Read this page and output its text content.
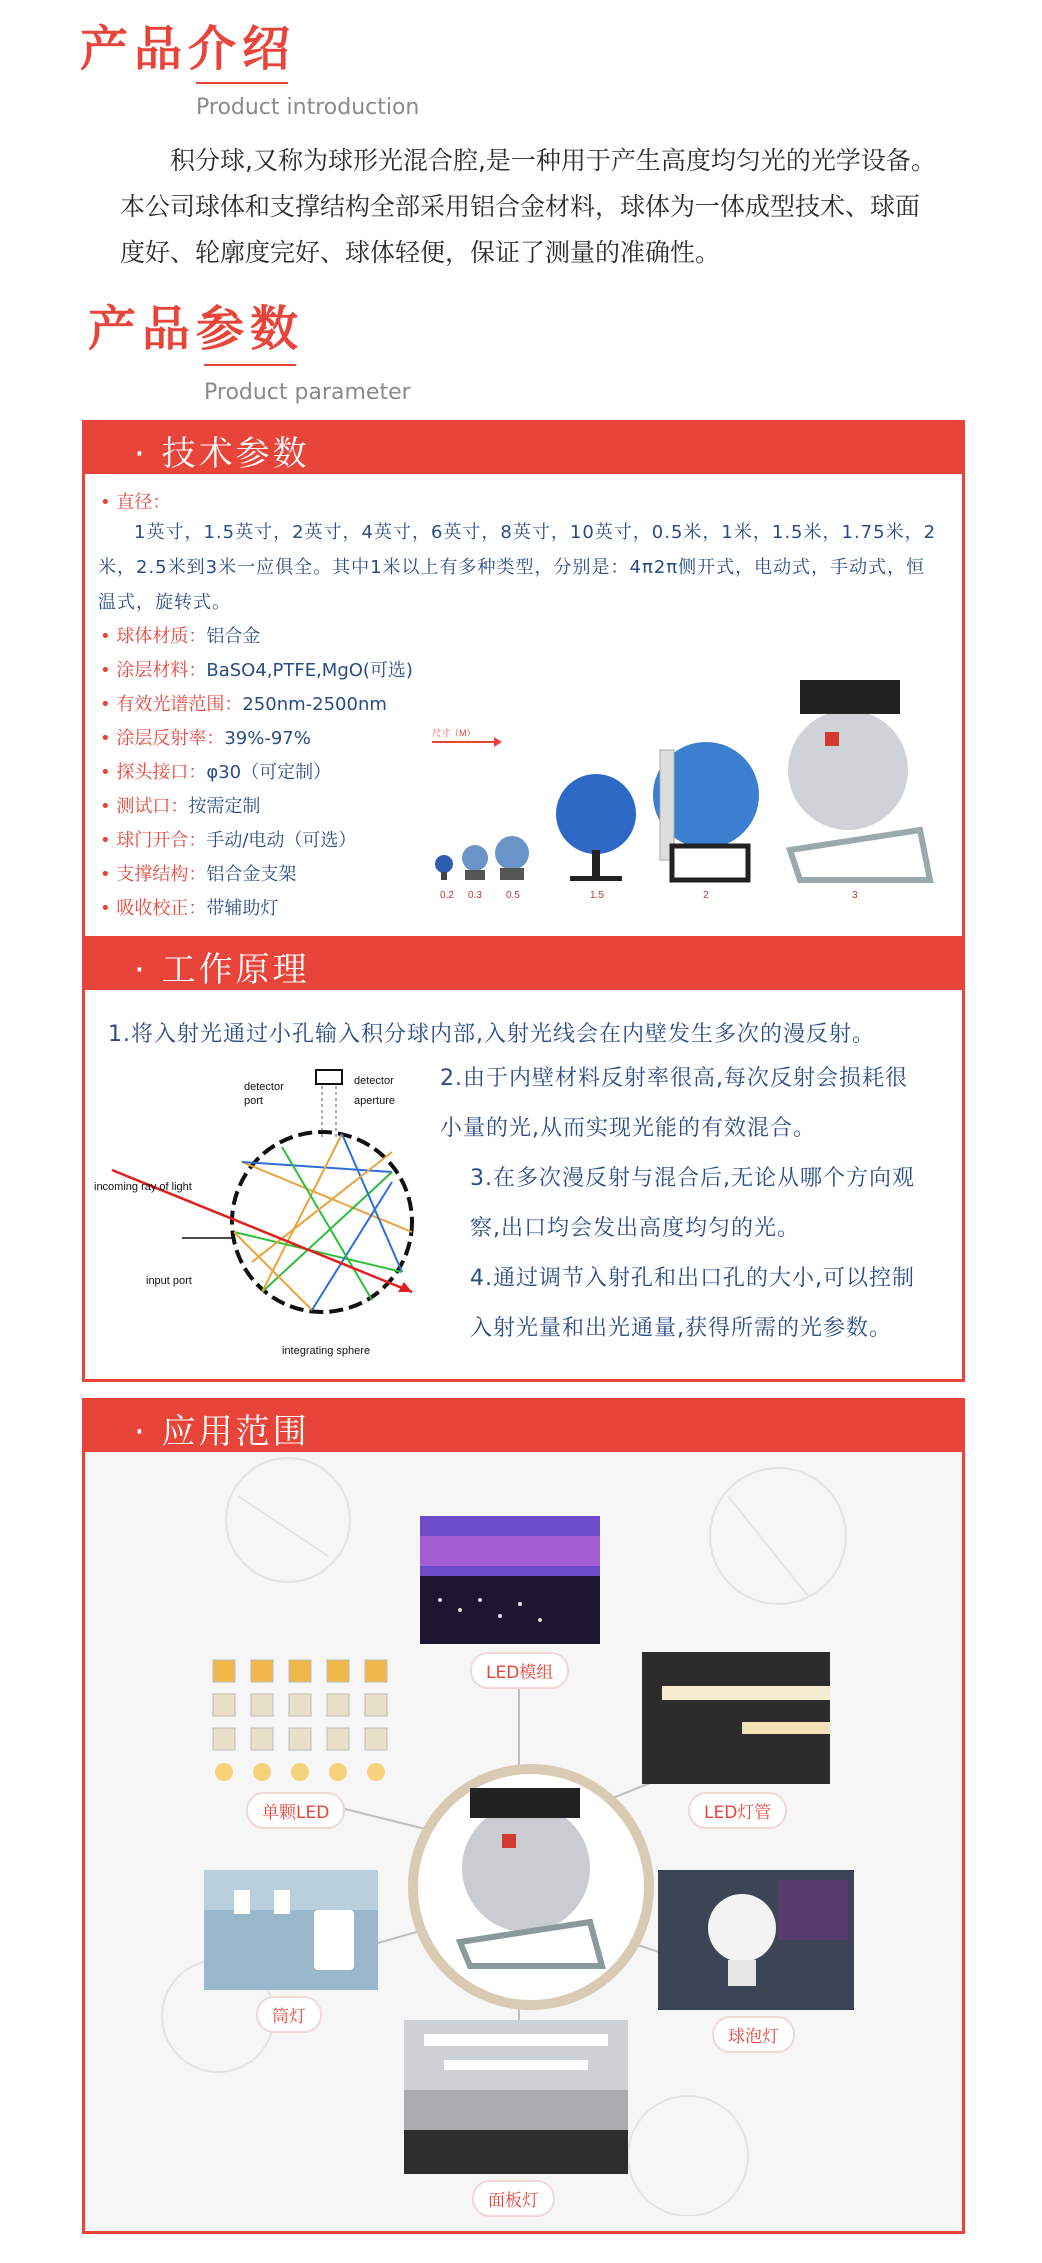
产品介绍
Product introduction
积分球,又称为球形光混合腔,是一种用于产生高度均匀光的光学设备。本公司球体和支撑结构全部采用铝合金材料，球体为一体成型技术、球面度好、轮廓度完好、球体轻便，保证了测量的准确性。
产品参数
Product parameter
· 技术参数
• 直径：
1英寸，1.5英寸，2英寸，4英寸，6英寸，8英寸，10英寸，0.5米，1米，1.5米，1.75米，2米，2.5米到3米一应俱全。其中1米以上有多种类型，分别是：4π2π侧开式，电动式，手动式，恒温式，旋转式。
• 球体材质：铝合金
• 涂层材料：BaSO4,PTFE,MgO(可选)
• 有效光谱范围：250nm-2500nm
• 涂层反射率：39%-97%
• 探头接口：φ30（可定制）
• 测试口：按需定制
• 球门开合：手动/电动（可选）
• 支撑结构：铝合金支架
• 吸收校正：带辅助灯
尺寸（M）
0.2 0.3 0.5	1.5	2	3
· 工作原理
1.将入射光通过小孔输入积分球内部,入射光线会在内壁发生多次的漫反射。
2.由于内壁材料反射率很高,每次反射会损耗很
小量的光,从而实现光能的有效混合。
3.在多次漫反射与混合后,无论从哪个方向观
察,出口均会发出高度均匀的光。
4.通过调节入射孔和出口孔的大小,可以控制
入射光量和出光通量,获得所需的光参数。
detector
aperture
detector
port
incoming ray of light
input port
integrating sphere
· 应用范围
LED模组
单颗LED	LED灯管
筒灯
球泡灯
面板灯
